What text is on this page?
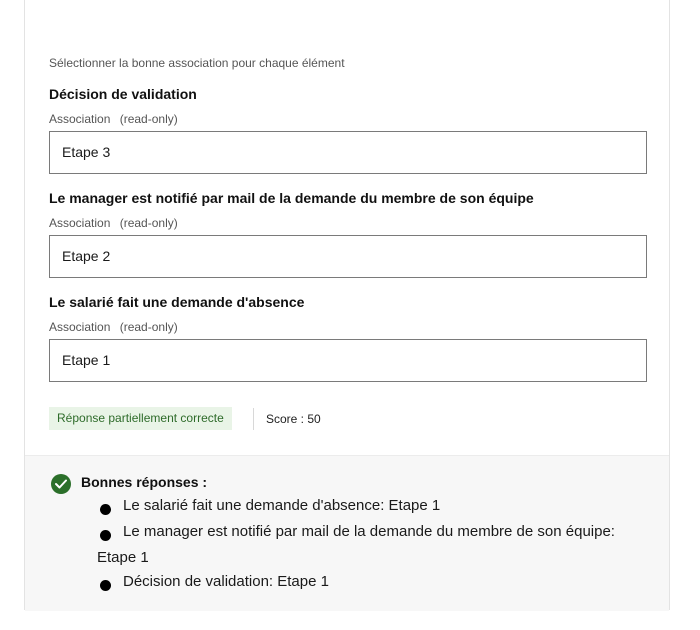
Sélectionner la bonne association pour chaque élément
Décision de validation
Association (read-only)
Etape 3
Le manager est notifié par mail de la demande du membre de son équipe
Association (read-only)
Etape 2
Le salarié fait une demande d'absence
Association (read-only)
Etape 1
Réponse partiellement correcte	Score : 50
Bonnes réponses :
Le salarié fait une demande d'absence: Etape 1
Le manager est notifié par mail de la demande du membre de son équipe:
Etape 1
Décision de validation: Etape 1
